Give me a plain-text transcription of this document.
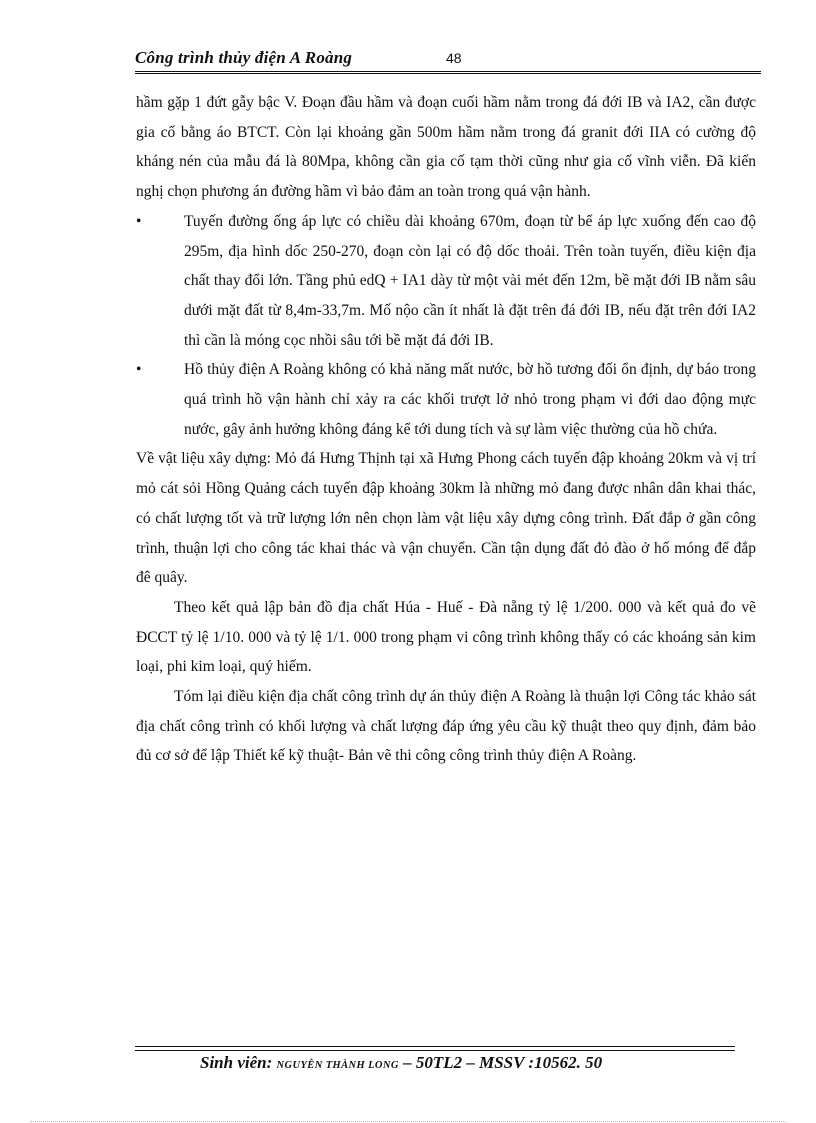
Công trình thủy điện A Roàng	48

hầm gặp 1 đứt gẫy bậc V. Đoạn đầu hầm và đoạn cuối hầm nằm trong đá đới IB và IA2, cần được gia cố bằng áo BTCT. Còn lại khoảng gần 500m hầm nằm trong đá granit đới IIA có cường độ kháng nén của mẫu đá là 80Mpa, không cần gia cố tạm thời cũng như gia cố vĩnh viễn. Đã kiến nghị chọn phương án đường hầm vì bảo đảm an toàn trong quá vận hành.

•	Tuyến đường ống áp lực có chiều dài khoảng 670m, đoạn từ bể áp lực xuống đến cao độ 295m, địa hình dốc 250-270, đoạn còn lại có độ dốc thoải. Trên toàn tuyến, điều kiện địa chất thay đổi lớn. Tầng phủ edQ + IA1 dày từ một vài mét đến 12m, bề mặt đới IB nằm sâu dưới mặt đất từ 8,4m-33,7m. Mố nộo cần ít nhất là đặt trên đá đới IB, nếu đặt trên đới IA2 thì cần là móng cọc nhồi sâu tới bề mặt đá đới IB.

•	Hồ thủy điện A Roàng không có khả năng mất nước, bờ hồ tương đối ổn định, dự báo trong quá trình hồ vận hành chỉ xảy ra các khối trượt lở nhỏ trong phạm vi đới dao động mực nước, gây ảnh hưởng không đáng kể tới dung tích và sự làm việc thường của hồ chứa.

Về vật liệu xây dựng: Mỏ đá Hưng Thịnh tại xã Hưng Phong cách tuyến đập khoảng 20km và vị trí mỏ cát sỏi Hồng Quảng cách tuyến đập khoảng 30km là những mỏ đang được nhân dân khai thác, có chất lượng tốt và trữ lượng lớn nên chọn làm vật liệu xây dựng công trình. Đất đắp ở gần công trình, thuận lợi cho công tác khai thác và vận chuyển. Cần tận dụng đất đỏ đào ở hố móng để đắp đê quây.

Theo kết quả lập bản đồ địa chất Húa - Huế - Đà nẵng tỷ lệ 1/200. 000 và kết quả đo vẽ ĐCCT tỷ lệ 1/10. 000 và tỷ lệ 1/1. 000 trong phạm vi công trình không thấy có các khoáng sản kim loại, phi kim loại, quý hiếm.

Tóm lại điều kiện địa chất công trình dự án thủy điện A Roàng là thuận lợi Công tác khảo sát địa chất công trình có khối lượng và chất lượng đáp ứng yêu cầu kỹ thuật theo quy định, đảm bảo đủ cơ sở để lập Thiết kế kỹ thuật- Bản vẽ thi công công trình thủy điện A Roàng.

Sinh viên: NGUYỄN THÀNH LONG – 50TL2 – MSSV :10562. 50
